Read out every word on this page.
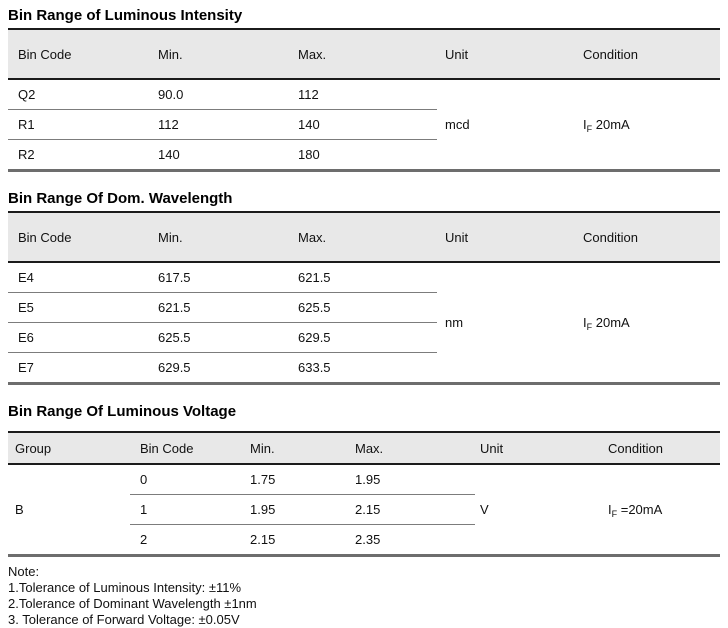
Bin Range of Luminous Intensity
Bin Code	Min.	Max.	Unit	Condition
Q2	90.0	112	mcd	$I_F$ 20mA
R1	112	140		
R2	140	180		
Bin Range Of Dom. Wavelength
Bin Code	Min.	Max.	Unit	Condition
E4	617.5	621.5	nm	$I_F$ 20mA
E5	621.5	625.5		
E6	625.5	629.5		
E7	629.5	633.5		
Bin Range Of Luminous Voltage
Group	Bin Code	Min.	Max.	Unit	Condition
B	0	1.75	1.95	V	$I_F =20mA$
	1	1.95	2.15		
	2	2.15	2.35		
Note:
1.Tolerance of Luminous Intensity: ±11%
2.Tolerance of Dominant Wavelength ±1nm
3. Tolerance of Forward Voltage: ±0.05V
